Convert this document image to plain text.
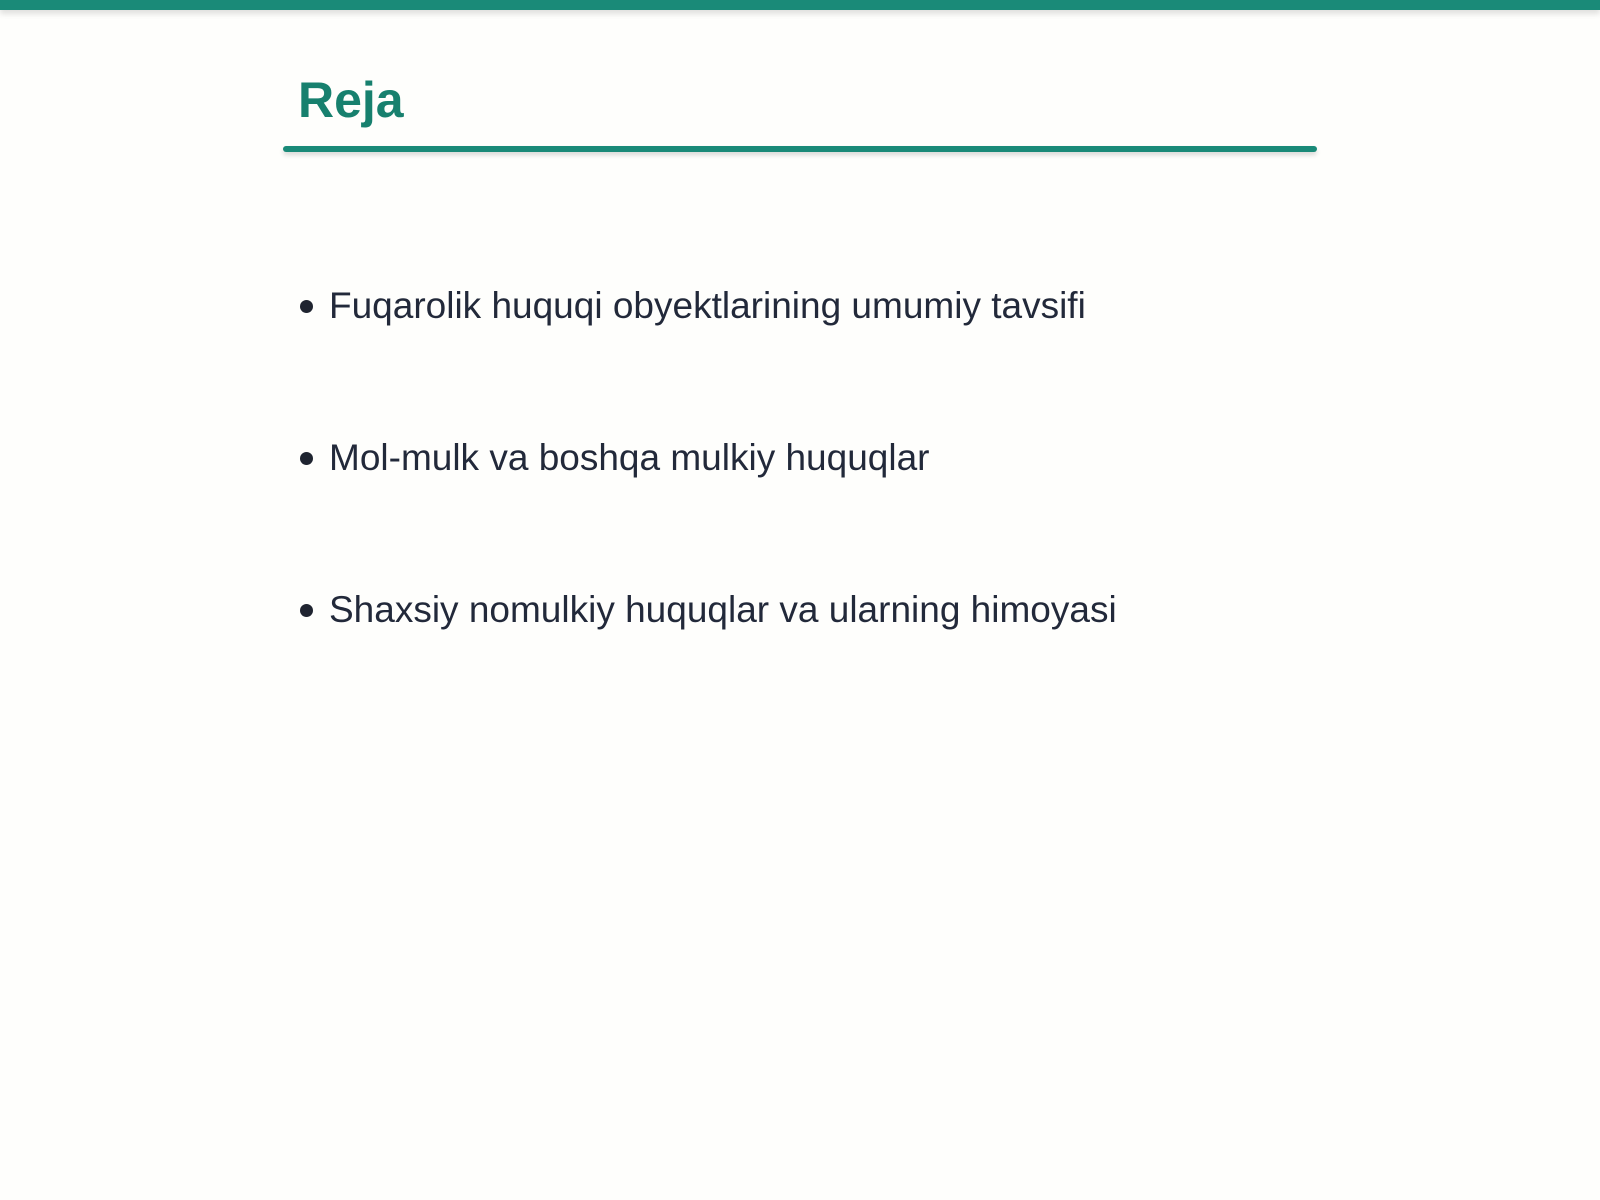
Reja
Fuqarolik huquqi obyektlarining umumiy tavsifi
Mol-mulk va boshqa mulkiy huquqlar
Shaxsiy nomulkiy huquqlar va ularning himoyasi
